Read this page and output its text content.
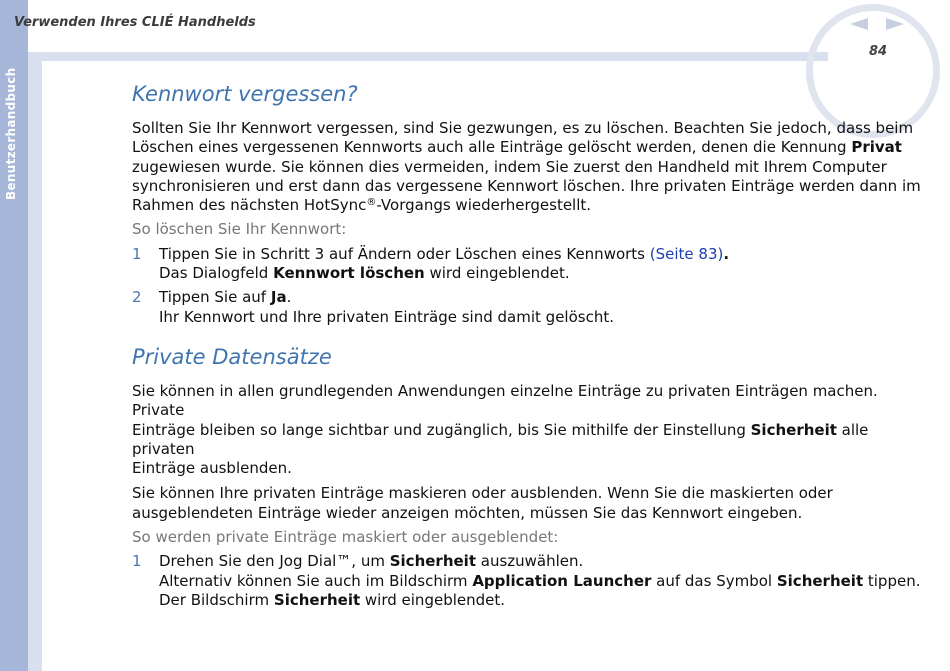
Benutzerhandbuch
Verwenden Ihres CLIÉ Handhelds
84
Kennwort vergessen?

Sollten Sie Ihr Kennwort vergessen, sind Sie gezwungen, es zu löschen. Beachten Sie jedoch, dass beim
Löschen eines vergessenen Kennworts auch alle Einträge gelöscht werden, denen die Kennung Privat
zugewiesen wurde. Sie können dies vermeiden, indem Sie zuerst den Handheld mit Ihrem Computer
synchronisieren und erst dann das vergessene Kennwort löschen. Ihre privaten Einträge werden dann im
Rahmen des nächsten HotSync®-Vorgangs wiederhergestellt.

So löschen Sie Ihr Kennwort:
1 Tippen Sie in Schritt 3 auf Ändern oder Löschen eines Kennworts (Seite 83).
Das Dialogfeld Kennwort löschen wird eingeblendet.

2 Tippen Sie auf Ja.
Ihr Kennwort und Ihre privaten Einträge sind damit gelöscht.

Private Datensätze

Sie können in allen grundlegenden Anwendungen einzelne Einträge zu privaten Einträgen machen. Private
Einträge bleiben so lange sichtbar und zugänglich, bis Sie mithilfe der Einstellung Sicherheit alle privaten
Einträge ausblenden.

Sie können Ihre privaten Einträge maskieren oder ausblenden. Wenn Sie die maskierten oder
ausgeblendeten Einträge wieder anzeigen möchten, müssen Sie das Kennwort eingeben.

So werden private Einträge maskiert oder ausgeblendet:
1 Drehen Sie den Jog Dial™, um Sicherheit auszuwählen.
Alternativ können Sie auch im Bildschirm Application Launcher auf das Symbol Sicherheit tippen.
Der Bildschirm Sicherheit wird eingeblendet.
